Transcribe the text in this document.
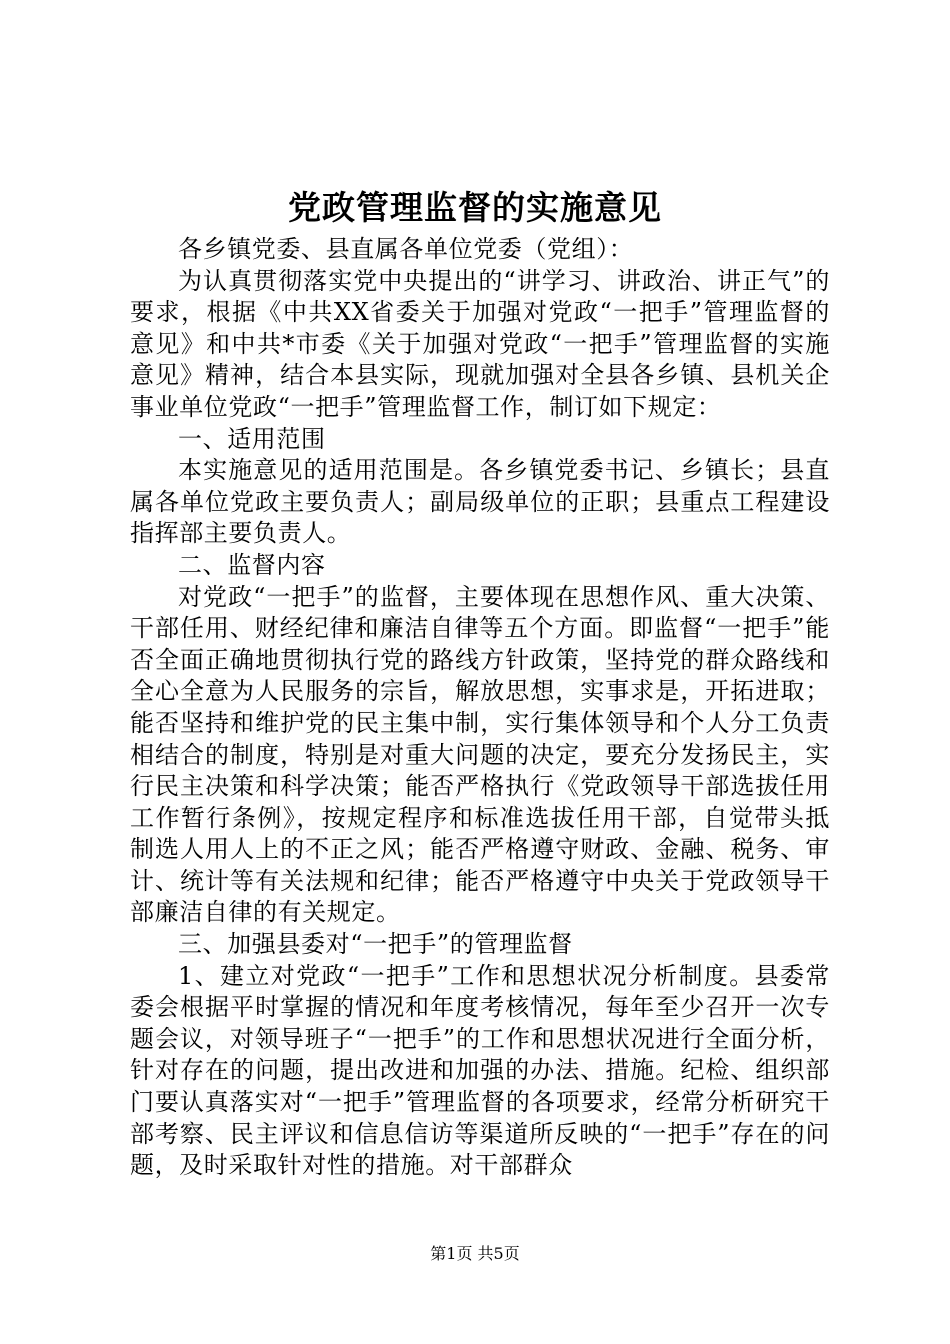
党政管理监督的实施意见

各乡镇党委、县直属各单位党委（党组）：

为认真贯彻落实党中央提出的“讲学习、讲政治、讲正气”的要求，根据《中共XX省委关于加强对党政“一把手”管理监督的意见》和中共*市委《关于加强对党政“一把手”管理监督的实施意见》精神，结合本县实际，现就加强对全县各乡镇、县机关企事业单位党政“一把手”管理监督工作，制订如下规定：

一、适用范围

本实施意见的适用范围是。各乡镇党委书记、乡镇长；县直属各单位党政主要负责人；副局级单位的正职；县重点工程建设指挥部主要负责人。

二、监督内容

对党政“一把手”的监督，主要体现在思想作风、重大决策、干部任用、财经纪律和廉洁自律等五个方面。即监督“一把手”能否全面正确地贯彻执行党的路线方针政策，坚持党的群众路线和全心全意为人民服务的宗旨，解放思想，实事求是，开拓进取；能否坚持和维护党的民主集中制，实行集体领导和个人分工负责相结合的制度，特别是对重大问题的决定，要充分发扬民主，实行民主决策和科学决策；能否严格执行《党政领导干部选拔任用工作暂行条例》，按规定程序和标准选拔任用干部，自觉带头抵制选人用人上的不正之风；能否严格遵守财政、金融、税务、审计、统计等有关法规和纪律；能否严格遵守中央关于党政领导干部廉洁自律的有关规定。

三、加强县委对“一把手”的管理监督

1、建立对党政“一把手”工作和思想状况分析制度。县委常委会根据平时掌握的情况和年度考核情况，每年至少召开一次专题会议，对领导班子“一把手”的工作和思想状况进行全面分析，针对存在的问题，提出改进和加强的办法、措施。纪检、组织部门要认真落实对“一把手”管理监督的各项要求，经常分析研究干部考察、民主评议和信息信访等渠道所反映的“一把手”存在的问题，及时采取针对性的措施。对干部群众

第1页 共5页
